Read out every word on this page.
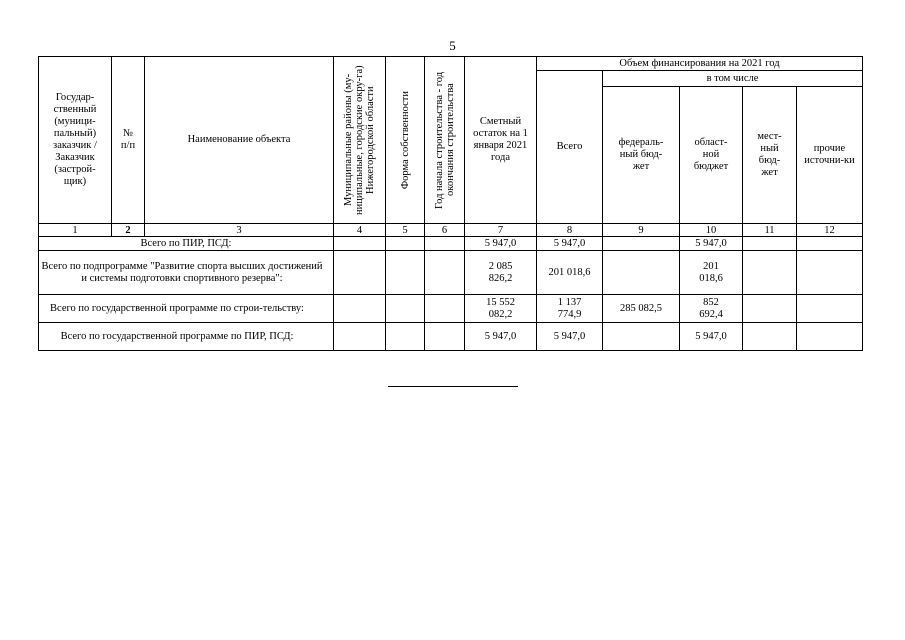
5
Государ-ственный (муници-пальный) заказчик / Заказчик (застрой-щик)	№ п/п	Наименование объекта	Муниципальные районы (му-ниципальные, городские окру-га) Нижегородской области	Форма собственности	Год начала строительства - год окончания строительства	Сметный остаток на 1 января 2021 года	Объем финансирования на 2021 год				
							Всего	в том числе			
								федераль-ный бюд-жет	област-ной бюджет	мест-ный бюд-жет	прочие источни-ки
1	2	3	4	5	6	7	8	9	10	11	12
Всего по ПИР, ПСД:						5 947,0	5 947,0		5 947,0		
Всего по подпрограмме "Развитие спорта высших достижений и системы подготовки спортивного резерва":						2 085 826,2	201 018,6		201 018,6		
Всего по государственной программе по строи-тельству:						15 552 082,2	1 137 774,9	285 082,5	852 692,4		
Всего по государственной программе по ПИР, ПСД:						5 947,0	5 947,0		5 947,0		
